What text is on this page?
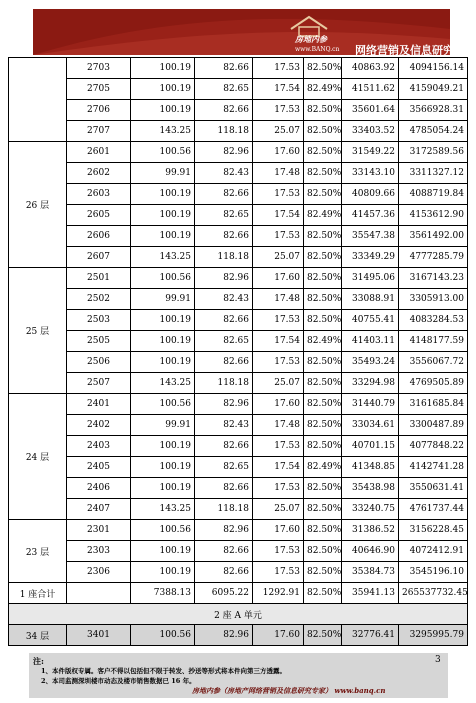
房地内参
www.BANQ.cn 网络营销及信息研究专家
	2703	100.19	82.66	17.53	82.50%	40863.92	4094156.14
	2705	100.19	82.65	17.54	82.49%	41511.62	4159049.21
	2706	100.19	82.66	17.53	82.50%	35601.64	3566928.31
	2707	143.25	118.18	25.07	82.50%	33403.52	4785054.24
26 层	2601	100.56	82.96	17.60	82.50%	31549.22	3172589.56
	2602	99.91	82.43	17.48	82.50%	33143.10	3311327.12
	2603	100.19	82.66	17.53	82.50%	40809.66	4088719.84
	2605	100.19	82.65	17.54	82.49%	41457.36	4153612.90
	2606	100.19	82.66	17.53	82.50%	35547.38	3561492.00
	2607	143.25	118.18	25.07	82.50%	33349.29	4777285.79
25 层	2501	100.56	82.96	17.60	82.50%	31495.06	3167143.23
	2502	99.91	82.43	17.48	82.50%	33088.91	3305913.00
	2503	100.19	82.66	17.53	82.50%	40755.41	4083284.53
	2505	100.19	82.65	17.54	82.49%	41403.11	4148177.59
	2506	100.19	82.66	17.53	82.50%	35493.24	3556067.72
	2507	143.25	118.18	25.07	82.50%	33294.98	4769505.89
24 层	2401	100.56	82.96	17.60	82.50%	31440.79	3161685.84
	2402	99.91	82.43	17.48	82.50%	33034.61	3300487.89
	2403	100.19	82.66	17.53	82.50%	40701.15	4077848.22
	2405	100.19	82.65	17.54	82.49%	41348.85	4142741.28
	2406	100.19	82.66	17.53	82.50%	35438.98	3550631.41
	2407	143.25	118.18	25.07	82.50%	33240.75	4761737.44
23 层	2301	100.56	82.96	17.60	82.50%	31386.52	3156228.45
	2303	100.19	82.66	17.53	82.50%	40646.90	4072412.91
	2306	100.19	82.66	17.53	82.50%	35384.73	3545196.10
1 座合计		7388.13	6095.22	1292.91	82.50%	35941.13	265537732.45
2 座 A 单元							
34 层	3401	100.56	82.96	17.60	82.50%	32776.41	3295995.79
注:
1、本件版权专属。客户不得以包括但不限于转发、抄送等形式将本件向第三方透露。
2、本司监测深圳楼市动态及楼市销售数据已 16 年。
房地内参（房地产网络营销及信息研究专家） www.banq.cn
3
